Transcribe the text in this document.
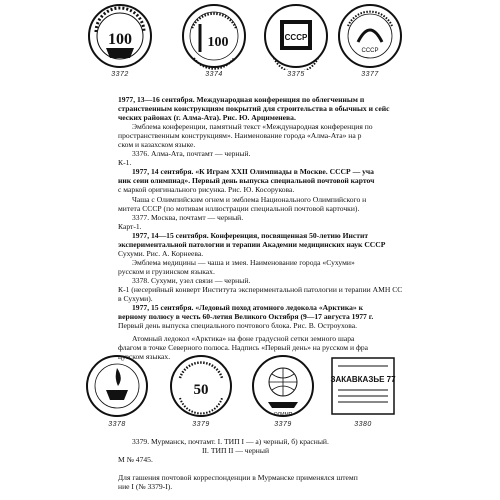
100
3372
100
3374
СССР
3375
СССР
3377

1977, 13—16 сентября. Международная конференция по облегченным п

странственным конструкциям покрытий для строительства в обычных и сейс

ческих районах (г. Алма-Ата). Рис. Ю. Арцименева.

Эмблема конференции, памятный текст «Международная конференция по

пространственным конструкциям». Наименование города «Алма-Ата» на р

ском и казахском языке.

3376. Алма-Ата, почтамт — черный.

К-1.

1977, 14 сентября. «К Играм XXII Олимпиады в Москве. СССР — уча

ник сеии олимпиад». Первый день выпуска специальной почтовой карточ

с маркой оригинального рисунка. Рис. Ю. Косорукова.

Чаша с Олимпийским огнем и эмблема Национального Олимпийского н

митета СССР (по мотивам иллюстрации специальной почтовой карточки).

3377. Москва, почтамт — черный.

Карт-1.

1977, 14—15 сентября. Конференция, посвященная 50-летию Инстит

экспериментальной патологии и терапии Академии медицинских наук СССР

Сухуми. Рис. А. Корнеева.

Эмблема медицины — чаша и змея. Наименование города «Сухуми»

русском и грузинском языках.

3378. Сухуми, узел связи — черный.

К-1 (несерийный конверт Института экспериментальной патологии и терапии АМН СС

в Сухуми).

1977, 15 сентября. «Ледовый поход атомного ледокола «Арктика» к

верному полюсу в честь 60-летия Великого Октября (9—17 августа 1977 г.

Первый день выпуска специального почтового блока. Рис. В. Остроухова.

Атомный ледокол «Арктика» на фоне градусной сетки земного шара

флагом в точке Северного полюса. Надпись «Первый день» на русском и фра

цузском языках.

3378
50
3379
ОЛИМП
3379
ЗАКАВКАЗЬЕ 77
3380

3379. Мурманск, почтамт. I. ТИП I — а) черный, б) красный.

II. ТИП II — черный

М № 4745.

Для гашения почтовой корреспонденции в Мурманске применялся штемп

ние I (№ 3379-I).
